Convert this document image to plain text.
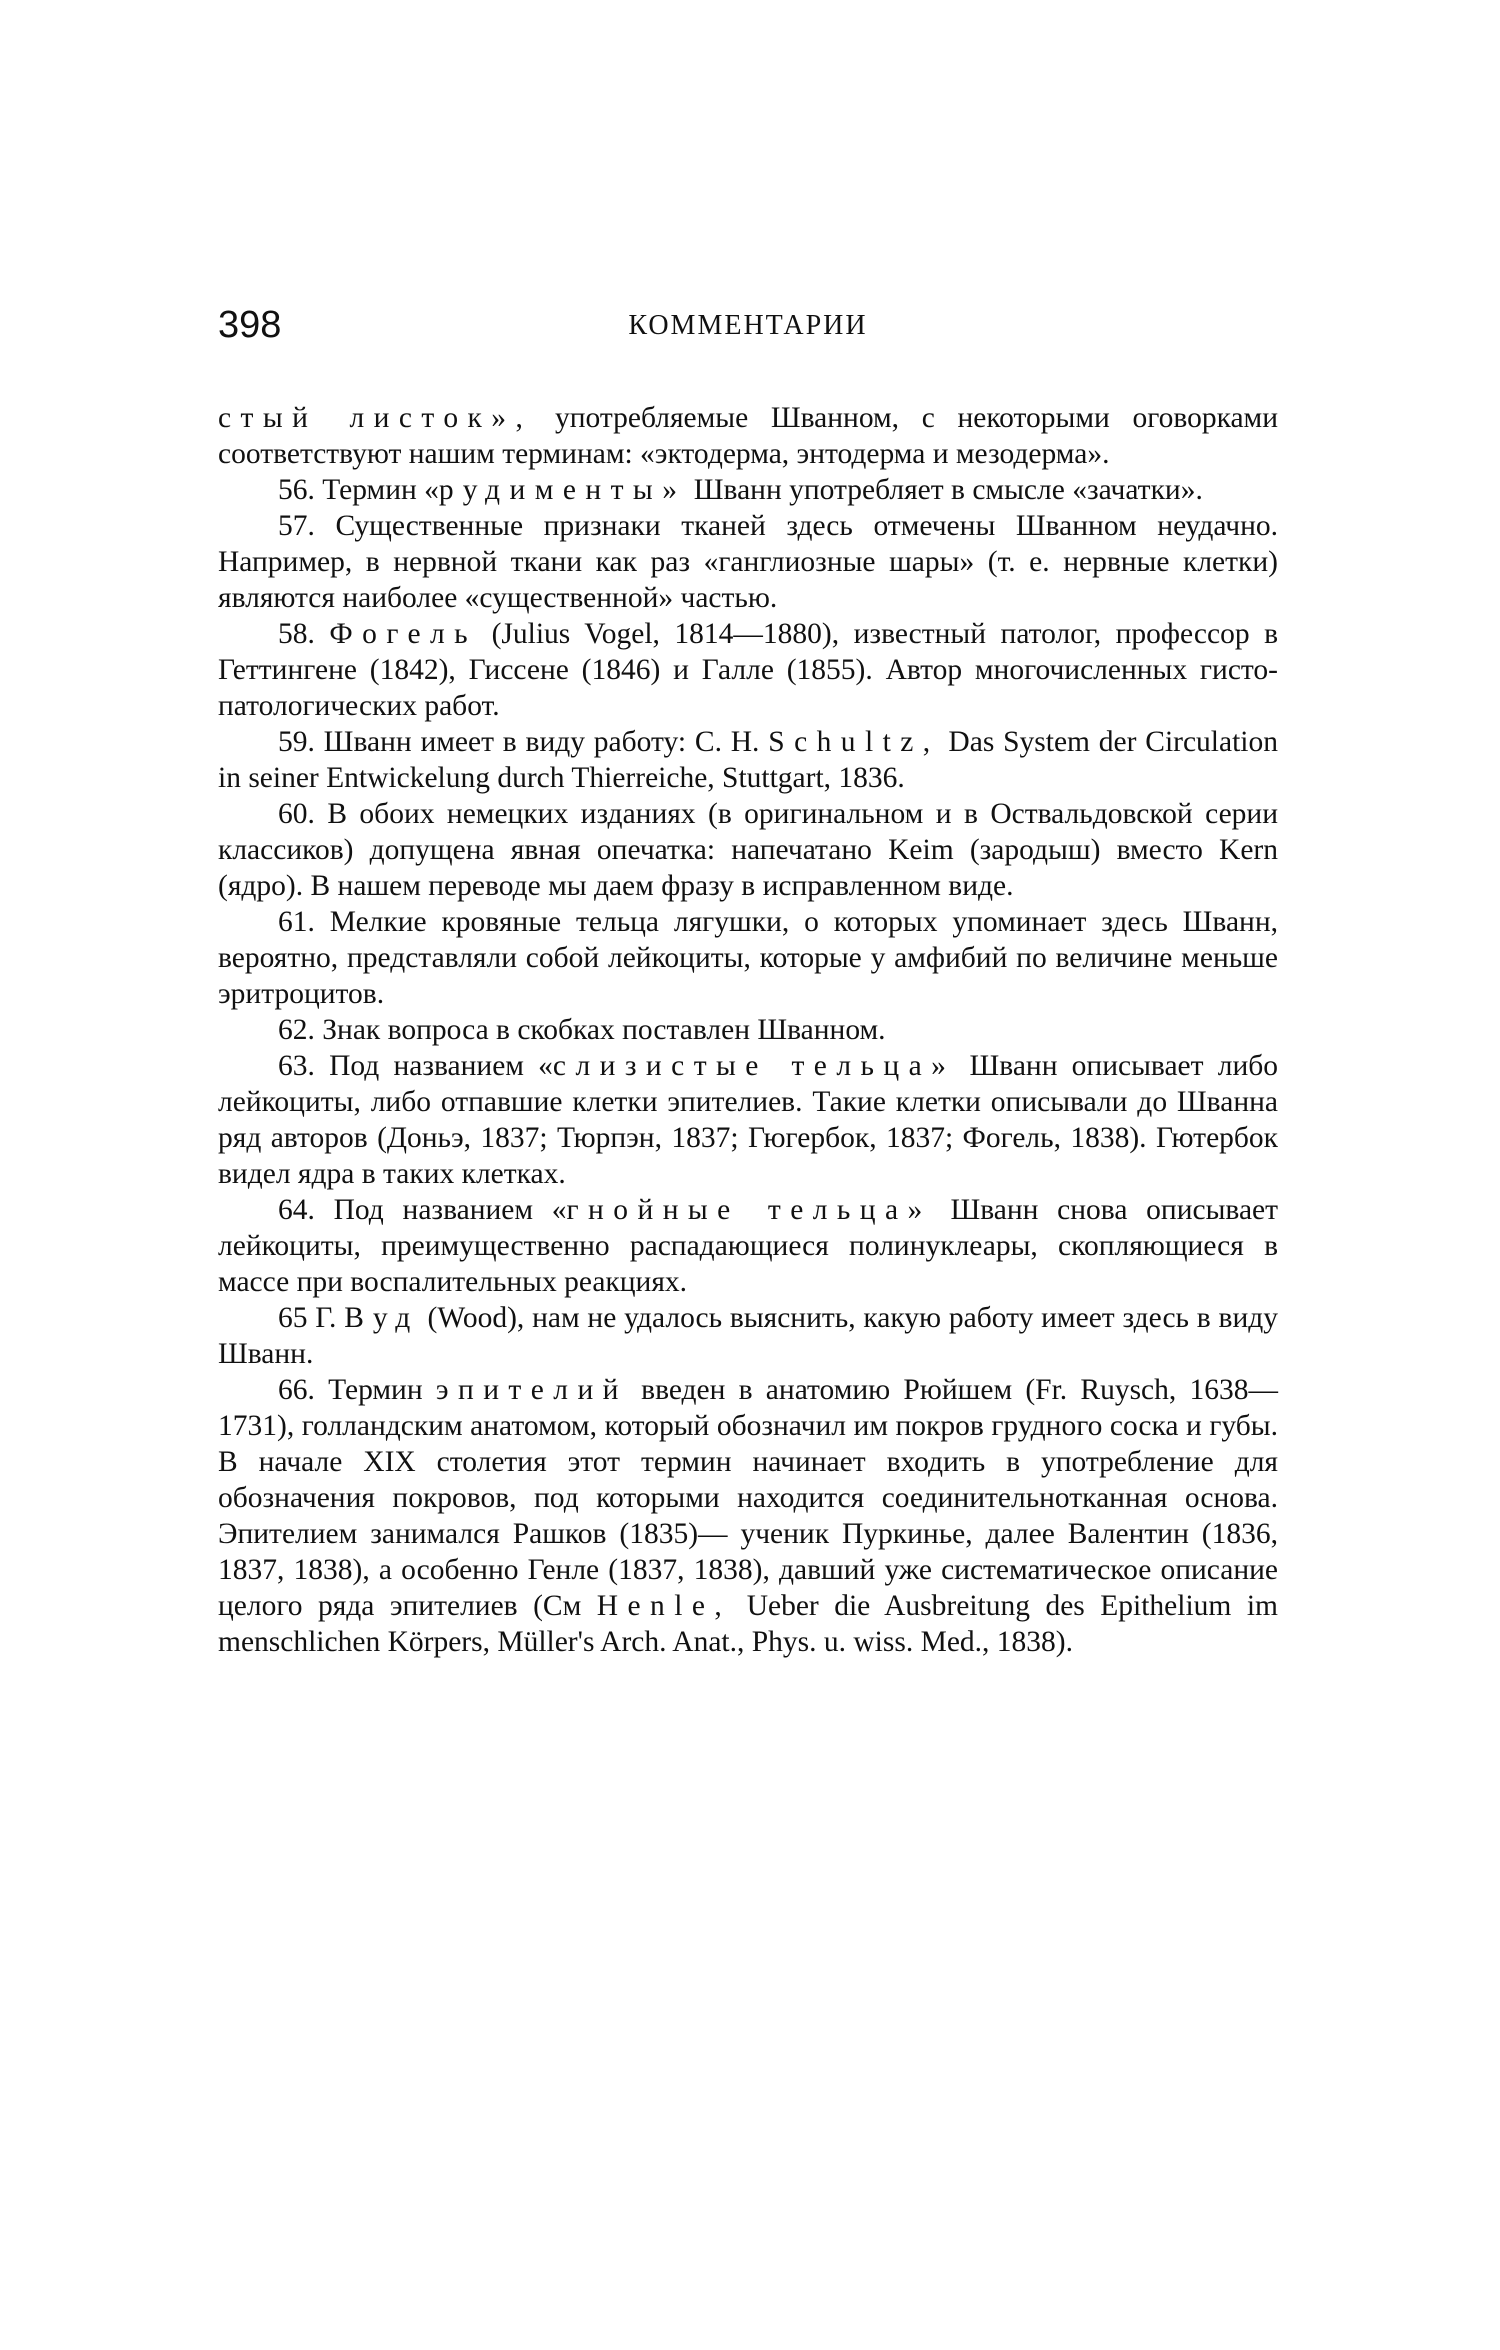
398	КОММЕНТАРИИ

стый листок», употребляемые Шванном, с некоторыми оговорками соответствуют нашим терминам: «эктодерма, энтодерма и мезодерма».

56. Термин «рудименты» Шванн употребляет в смысле «зачатки».

57. Существенные признаки тканей здесь отмечены Шванном неудачно. Например, в нервной ткани как раз «ганглиозные шары» (т. е. нервные клетки) являются наиболее «существенной» частью.

58. Фогель (Julius Vogel, 1814—1880), известный патолог, профессор в Геттингене (1842), Гиссене (1846) и Галле (1855). Автор многочисленных гисто-патологических работ.

59. Шванн имеет в виду работу: С. Н. Schultz, Das System der Circulation in seiner Entwickelung durch Thierreiche, Stuttgart, 1836.

60. В обоих немецких изданиях (в оригинальном и в Оствальдовской серии классиков) допущена явная опечатка: напечатано Keim (зародыш) вместо Kern (ядро). В нашем переводе мы даем фразу в исправленном виде.

61. Мелкие кровяные тельца лягушки, о которых упоминает здесь Шванн, вероятно, представляли собой лейкоциты, которые у амфибий по величине меньше эритроцитов.

62. Знак вопроса в скобках поставлен Шванном.

63. Под названием «слизистые тельца» Шванн описывает либо лейкоциты, либо отпавшие клетки эпителиев. Такие клетки описывали до Шванна ряд авторов (Доньэ, 1837; Тюрпэн, 1837; Гюгербок, 1837; Фогель, 1838). Гютербок видел ядра в таких клетках.

64. Под названием «гнойные тельца» Шванн снова описывает лейкоциты, преимущественно распадающиеся полинуклеары, скопляющиеся в массе при воспалительных реакциях.

65 Г. Вуд (Wood), нам не удалось выяснить, какую работу имеет здесь в виду Шванн.

66. Термин эпителий введен в анатомию Рюйшем (Fr. Ruysch, 1638—1731), голландским анатомом, который обозначил им покров грудного соска и губы. В начале XIX столетия этот термин начинает входить в употребление для обозначения покровов, под которыми находится соединительнотканная основа. Эпителием занимался Рашков (1835)— ученик Пуркинье, далее Валентин (1836, 1837, 1838), а особенно Генле (1837, 1838), давший уже систематическое описание целого ряда эпителиев (См Henle, Ueber die Ausbreitung des Epithelium im menschlichen Körpers, Müller's Arch. Anat., Phys. u. wiss. Med., 1838).
